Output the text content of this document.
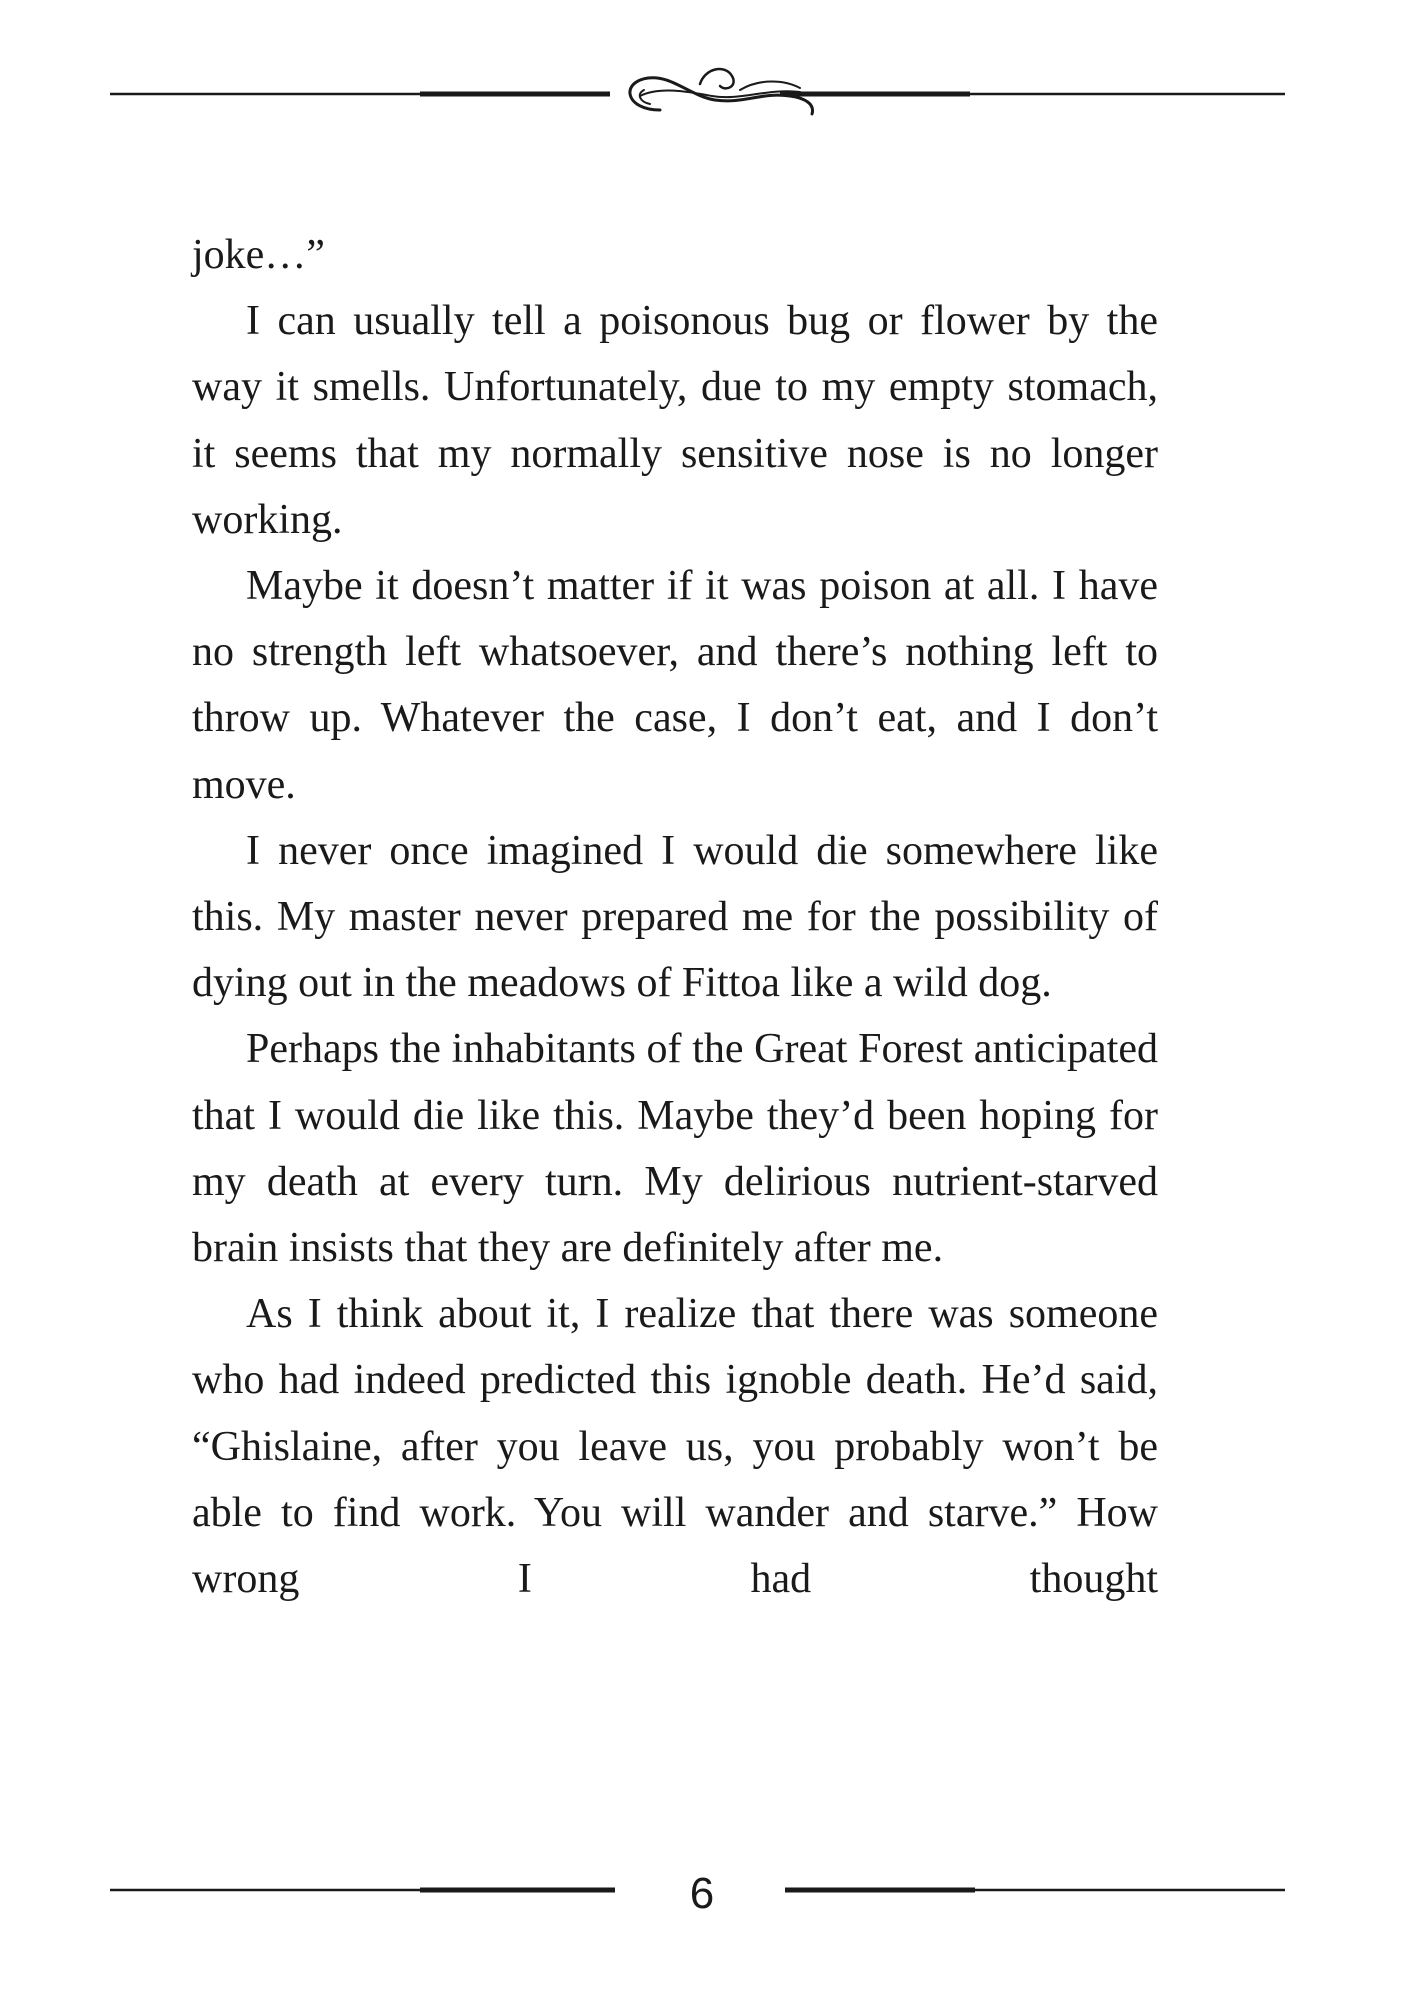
joke…”

I can usually tell a poisonous bug or flower by the way it smells. Unfortunately, due to my empty stomach, it seems that my normally sensitive nose is no longer working.

Maybe it doesn’t matter if it was poison at all. I have no strength left whatsoever, and there’s nothing left to throw up. Whatever the case, I don’t eat, and I don’t move.

I never once imagined I would die somewhere like this. My master never prepared me for the possibility of dying out in the meadows of Fittoa like a wild dog.

Perhaps the inhabitants of the Great Forest anticipated that I would die like this. Maybe they’d been hoping for my death at every turn. My delirious nutrient-starved brain insists that they are definitely after me.

As I think about it, I realize that there was someone who had indeed predicted this ignoble death. He’d said, “Ghislaine, after you leave us, you probably won’t be able to find work. You will wander and starve.” How wrong I had thought

6
